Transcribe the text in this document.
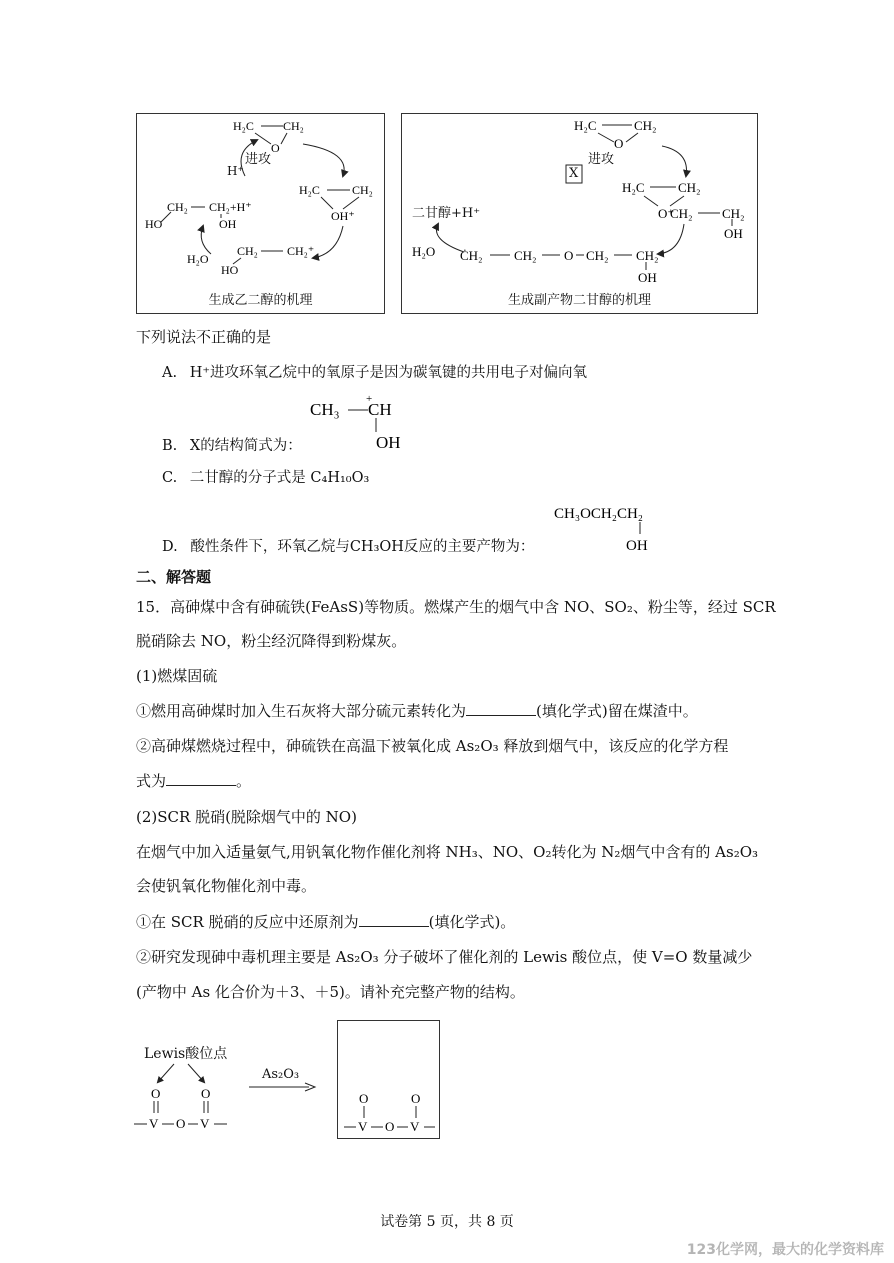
H₂C CH₂
O
H₂C	CH₂
OH⁺
CH₂ CH₂+H⁺
HO	OH
H₂O
CH₂ CH₂⁺
HO
进攻
H⁺
生成乙二醇的机理
H₂C	CH₂
O
H₂C	CH₂
O⁺
CH₂ CH₂
OH
H₂O ĊH₂ CH₂ O CH₂ CH₂
OH
X
进攻
二甘醇+H⁺
生成副产物二甘醇的机理
下列说法不正确的是
A. H⁺进攻环氧乙烷中的氧原子是因为碳氧键的共用电子对偏向氧
CH₃
+
CH
OH
B. X的结构简式为：
C. 二甘醇的分子式是 C₄H₁₀O₃
CH₃OCH₂CH₂
OH
D. 酸性条件下，环氧乙烷与CH₃OH反应的主要产物为：
二、解答题
15．高砷煤中含有砷硫铁(FeAsS)等物质。燃煤产生的烟气中含 NO、SO₂、粉尘等，经过 SCR
脱硝除去 NO，粉尘经沉降得到粉煤灰。
(1)燃煤固硫
①燃用高砷煤时加入生石灰将大部分硫元素转化为	(填化学式)留在煤渣中。
②高砷煤燃烧过程中，砷硫铁在高温下被氧化成 As₂O₃ 释放到烟气中，该反应的化学方程
式为	。
(2)SCR 脱硝(脱除烟气中的 NO)
在烟气中加入适量氨气,用钒氧化物作催化剂将 NH₃、NO、O₂转化为 N₂烟气中含有的 As₂O₃
会使钒氧化物催化剂中毒。
①在 SCR 脱硝的反应中还原剂为	(填化学式)。
②研究发现砷中毒机理主要是 As₂O₃ 分子破坏了催化剂的 Lewis 酸位点，使 V=O 数量减少
(产物中 As 化合价为＋3、＋5)。请补充完整产物的结构。
Lewis酸位点
O	O
V O V
As₂O₃
O	O
V O V
试卷第 5 页，共 8 页
123化学网，最大的化学资料库
